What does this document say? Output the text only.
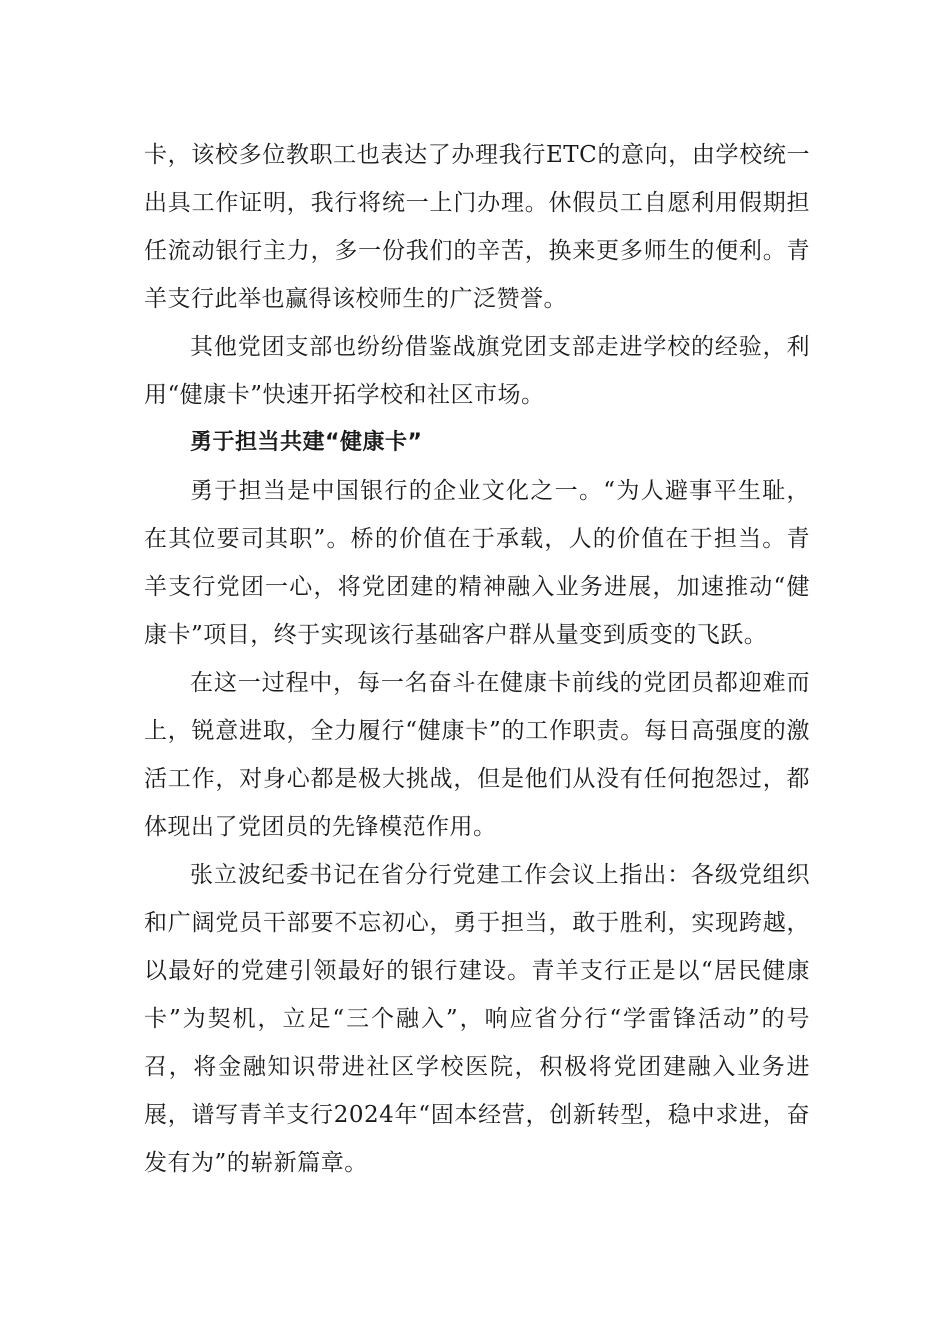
卡，该校多位教职工也表达了办理我行ETC的意向，由学校统一出具工作证明，我行将统一上门办理。休假员工自愿利用假期担任流动银行主力，多一份我们的辛苦，换来更多师生的便利。青羊支行此举也赢得该校师生的广泛赞誉。

其他党团支部也纷纷借鉴战旗党团支部走进学校的经验，利用“健康卡”快速开拓学校和社区市场。

勇于担当共建“健康卡”

勇于担当是中国银行的企业文化之一。“为人避事平生耻，在其位要司其职”。桥的价值在于承载，人的价值在于担当。青羊支行党团一心，将党团建的精神融入业务进展，加速推动“健康卡”项目，终于实现该行基础客户群从量变到质变的飞跃。

在这一过程中，每一名奋斗在健康卡前线的党团员都迎难而上，锐意进取，全力履行“健康卡”的工作职责。每日高强度的激活工作，对身心都是极大挑战，但是他们从没有任何抱怨过，都体现出了党团员的先锋模范作用。

张立波纪委书记在省分行党建工作会议上指出：各级党组织和广阔党员干部要不忘初心，勇于担当，敢于胜利，实现跨越，以最好的党建引领最好的银行建设。青羊支行正是以“居民健康卡”为契机，立足“三个融入”，响应省分行“学雷锋活动”的号召，将金融知识带进社区学校医院，积极将党团建融入业务进展，谱写青羊支行2024年“固本经营，创新转型，稳中求进，奋发有为”的崭新篇章。
